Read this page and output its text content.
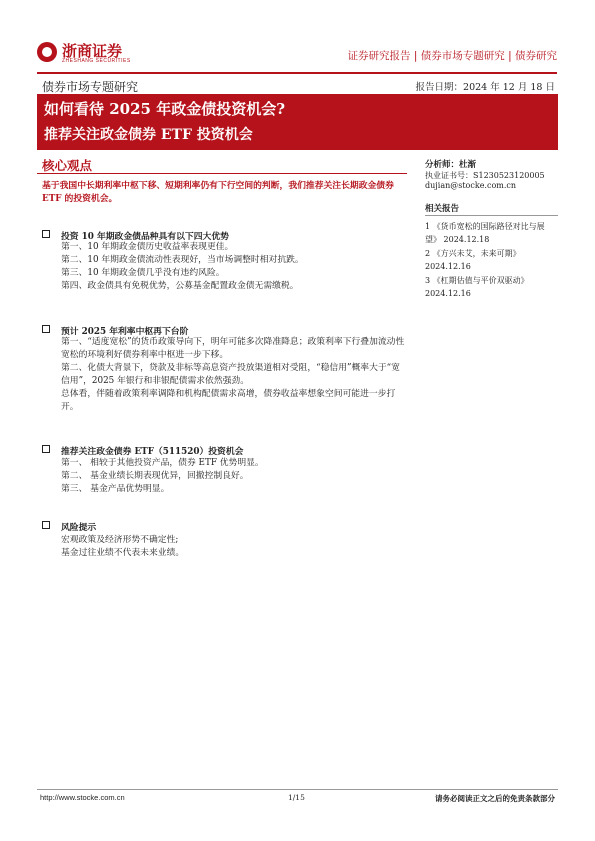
浙商证券
ZHESHANG SECURITIES	证券研究报告 | 债券市场专题研究 | 债券研究
债券市场专题研究	报告日期：2024 年 12 月 18 日
如何看待 2025 年政金债投资机会?
推荐关注政金债券 ETF 投资机会
核心观点
基于我国中长期利率中枢下移、短期利率仍有下行空间的判断，我们推荐关注长期政金债券 ETF 的投资机会。
投资 10 年期政金债品种具有以下四大优势
第一、10 年期政金债历史收益率表现更佳。
第二、10 年期政金债流动性表现好，当市场调整时相对抗跌。
第三、10 年期政金债几乎没有违约风险。
第四、政金债具有免税优势，公募基金配置政金债无需缴税。
预计 2025 年利率中枢再下台阶
第一、“适度宽松”的货币政策导向下，明年可能多次降准降息；政策利率下行叠加流动性宽松的环境利好债券利率中枢进一步下移。
第二、化债大背景下，贷款及非标等高息资产投放渠道相对受阻，“稳信用”概率大于“宽信用”，2025 年银行和非银配债需求依然强劲。
总体看，伴随着政策利率调降和机构配债需求高增，债券收益率想象空间可能进一步打开。
推荐关注政金债券 ETF（511520）投资机会
第一、 相较于其他投资产品，债券 ETF 优势明显。
第二、 基金业绩长期表现优异，回撤控制良好。
第三、 基金产品优势明显。
风险提示
宏观政策及经济形势不确定性;
基金过往业绩不代表未来业绩。
分析师：杜渐
执业证书号：S1230523120005
dujian@stocke.com.cn
相关报告
1 《货币宽松的国际路径对比与展望》 2024.12.18
2 《方兴未艾，未来可期》 2024.12.16
3 《杠期估值与平价双驱动》 2024.12.16
http://www.stocke.com.cn	1/15	请务必阅读正文之后的免责条款部分
